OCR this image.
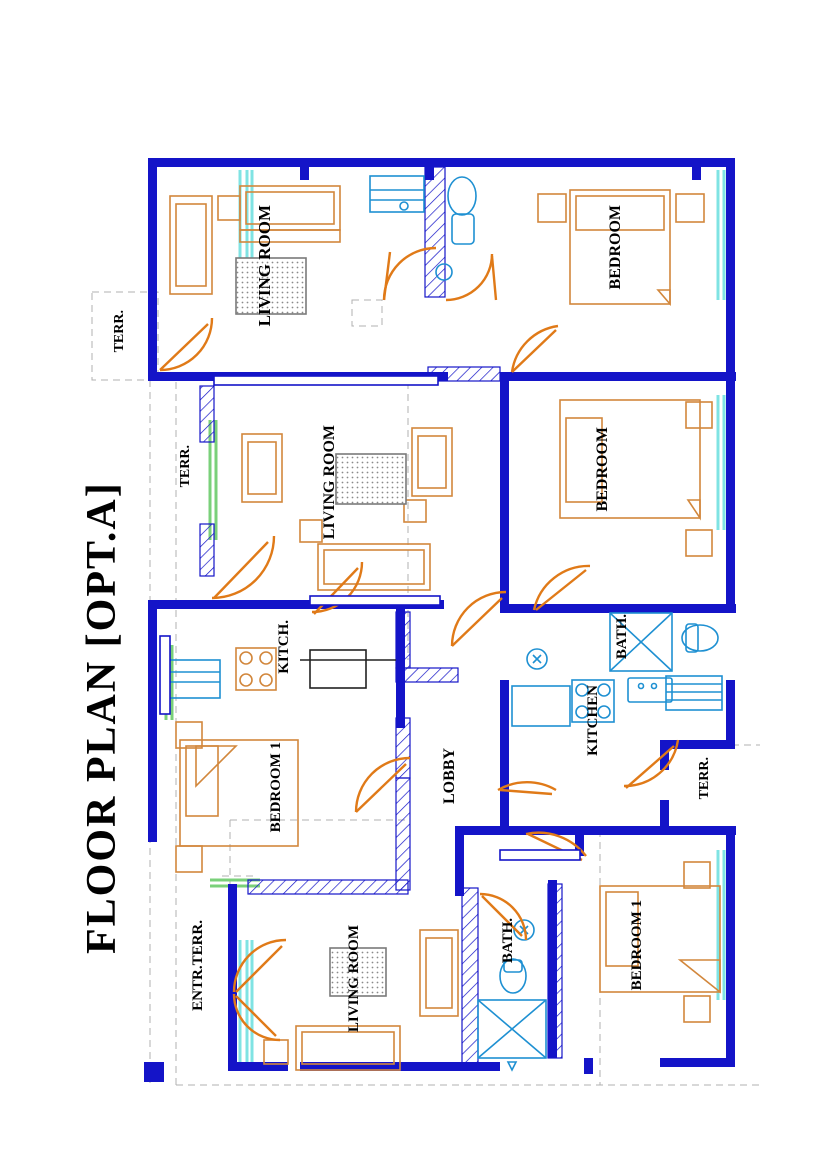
FLOOR PLAN [OPT.A]
LIVING ROOM
TERR.
BEDROOM
LIVING ROOM
TERR.	BEDROOM
BATH.
KITCH.
KITCHEN
LOBBY
BEDROOM 1	TERR.
BEDROOM 1
LIVING ROOM	BATH.
ENTR.TERR.
